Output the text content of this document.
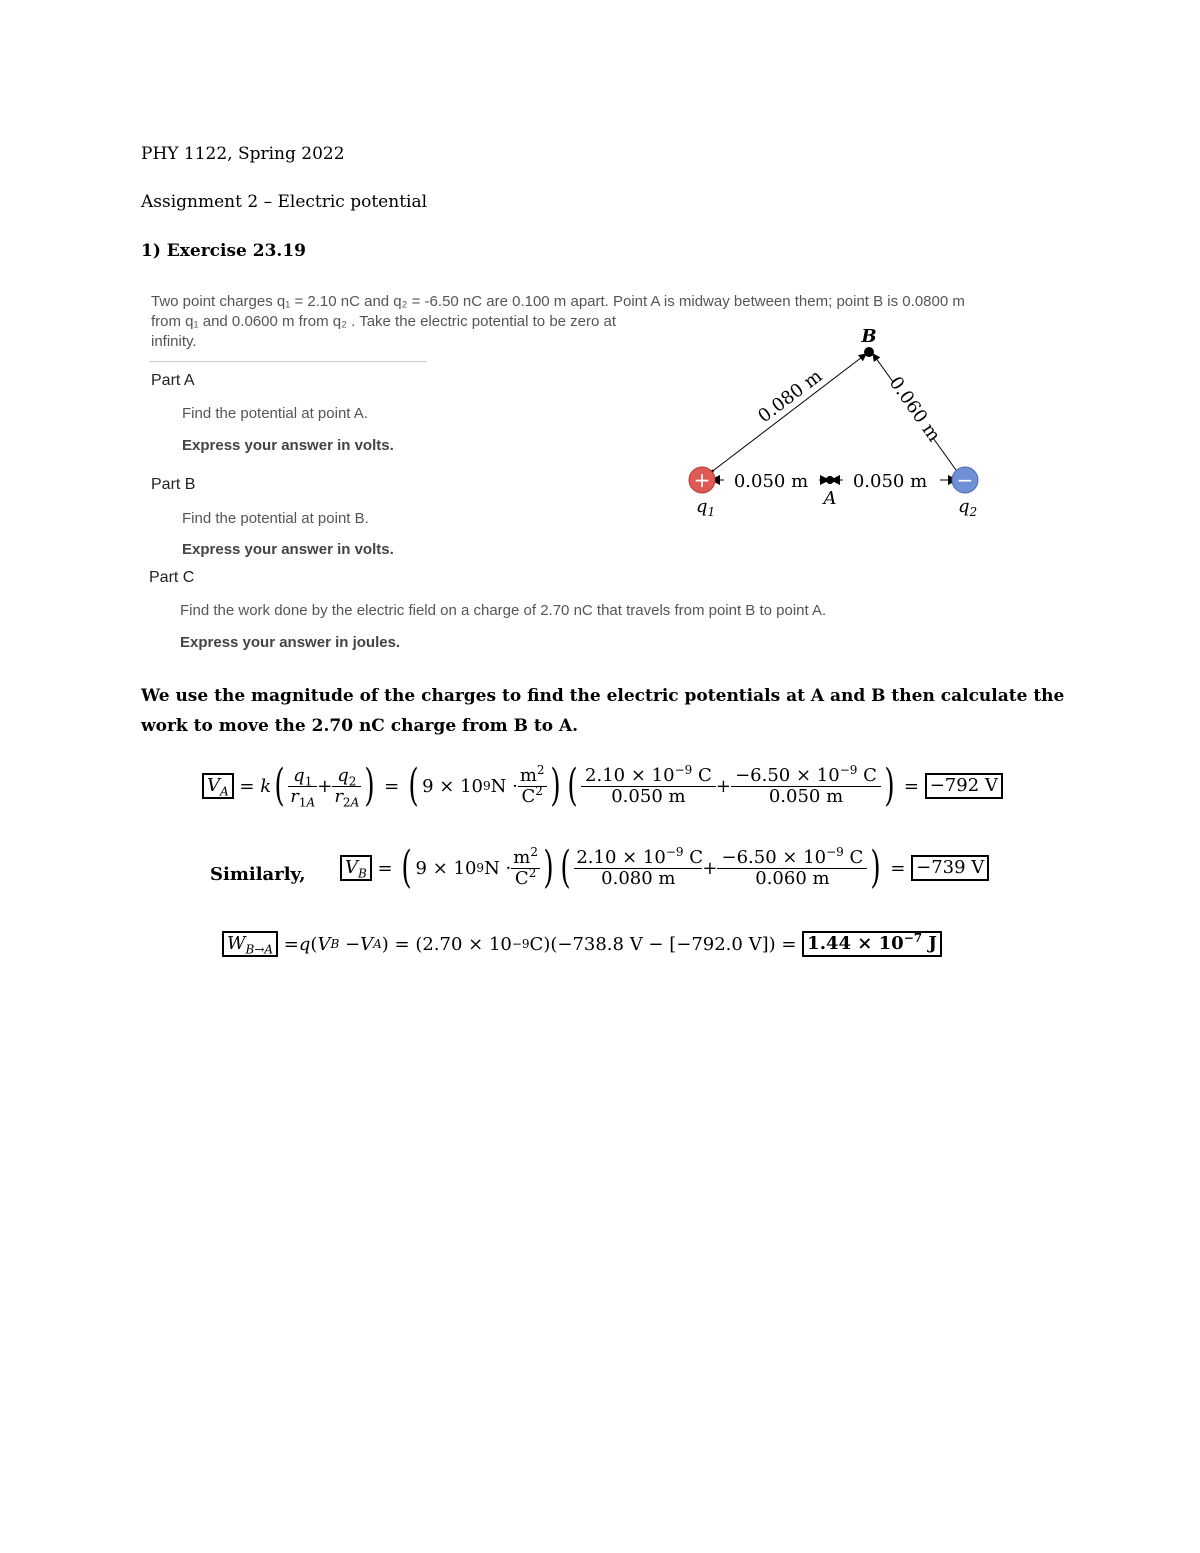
PHY 1122, Spring 2022
Assignment 2 – Electric potential
1) Exercise 23.19
Two point charges q₁ = 2.10 nC and q₂ = -6.50 nC are 0.100 m apart. Point A is midway between them; point B is 0.0800 m
from q₁ and 0.0600 m from q₂ . Take the electric potential to be zero at
infinity.
Part A
Find the potential at point A.
Express your answer in volts.
Part B
Find the potential at point B.
Express your answer in volts.
Part C
Find the work done by the electric field on a charge of 2.70 nC that travels from point B to point A.
Express your answer in joules.
0.080 m	0.060 m
0.050 m 0.050 m
B
A
+	−
$q_1$	$q_2$
We use the magnitude of the charges to find the electric potentials at A and B then calculate the
work to move the 2.70 nC charge from B to A.
$V_A = k$ ( $\frac{q_1}{r_{1A}} + \frac{q_2}{r_{2A}}$ ) = ( 9 × 10 9 $N \cdot \frac{m^2}{C^2}$ ) ( $\frac{2.10 \times 10^{-9} C}{0.050 m} + \frac{-6.50 \times 10^{-9} C}{0.050 m}$ ) = −792 V
Similarly, $V_B$ = ( 9 × 10 9 $N \cdot \frac{m^2}{C^2}$ ) ( $\frac{2.10 \times 10^{-9} C}{0.080 m} + \frac{-6.50 \times 10^{-9} C}{0.060 m}$ ) = −739 V
$W_{B\to A} = q$ ( V B − V A ) = (2.70 × 10 −9 C)(−738.8 V − [−792.0 V]) =
$1.44 \times 10^{-7}$ J
